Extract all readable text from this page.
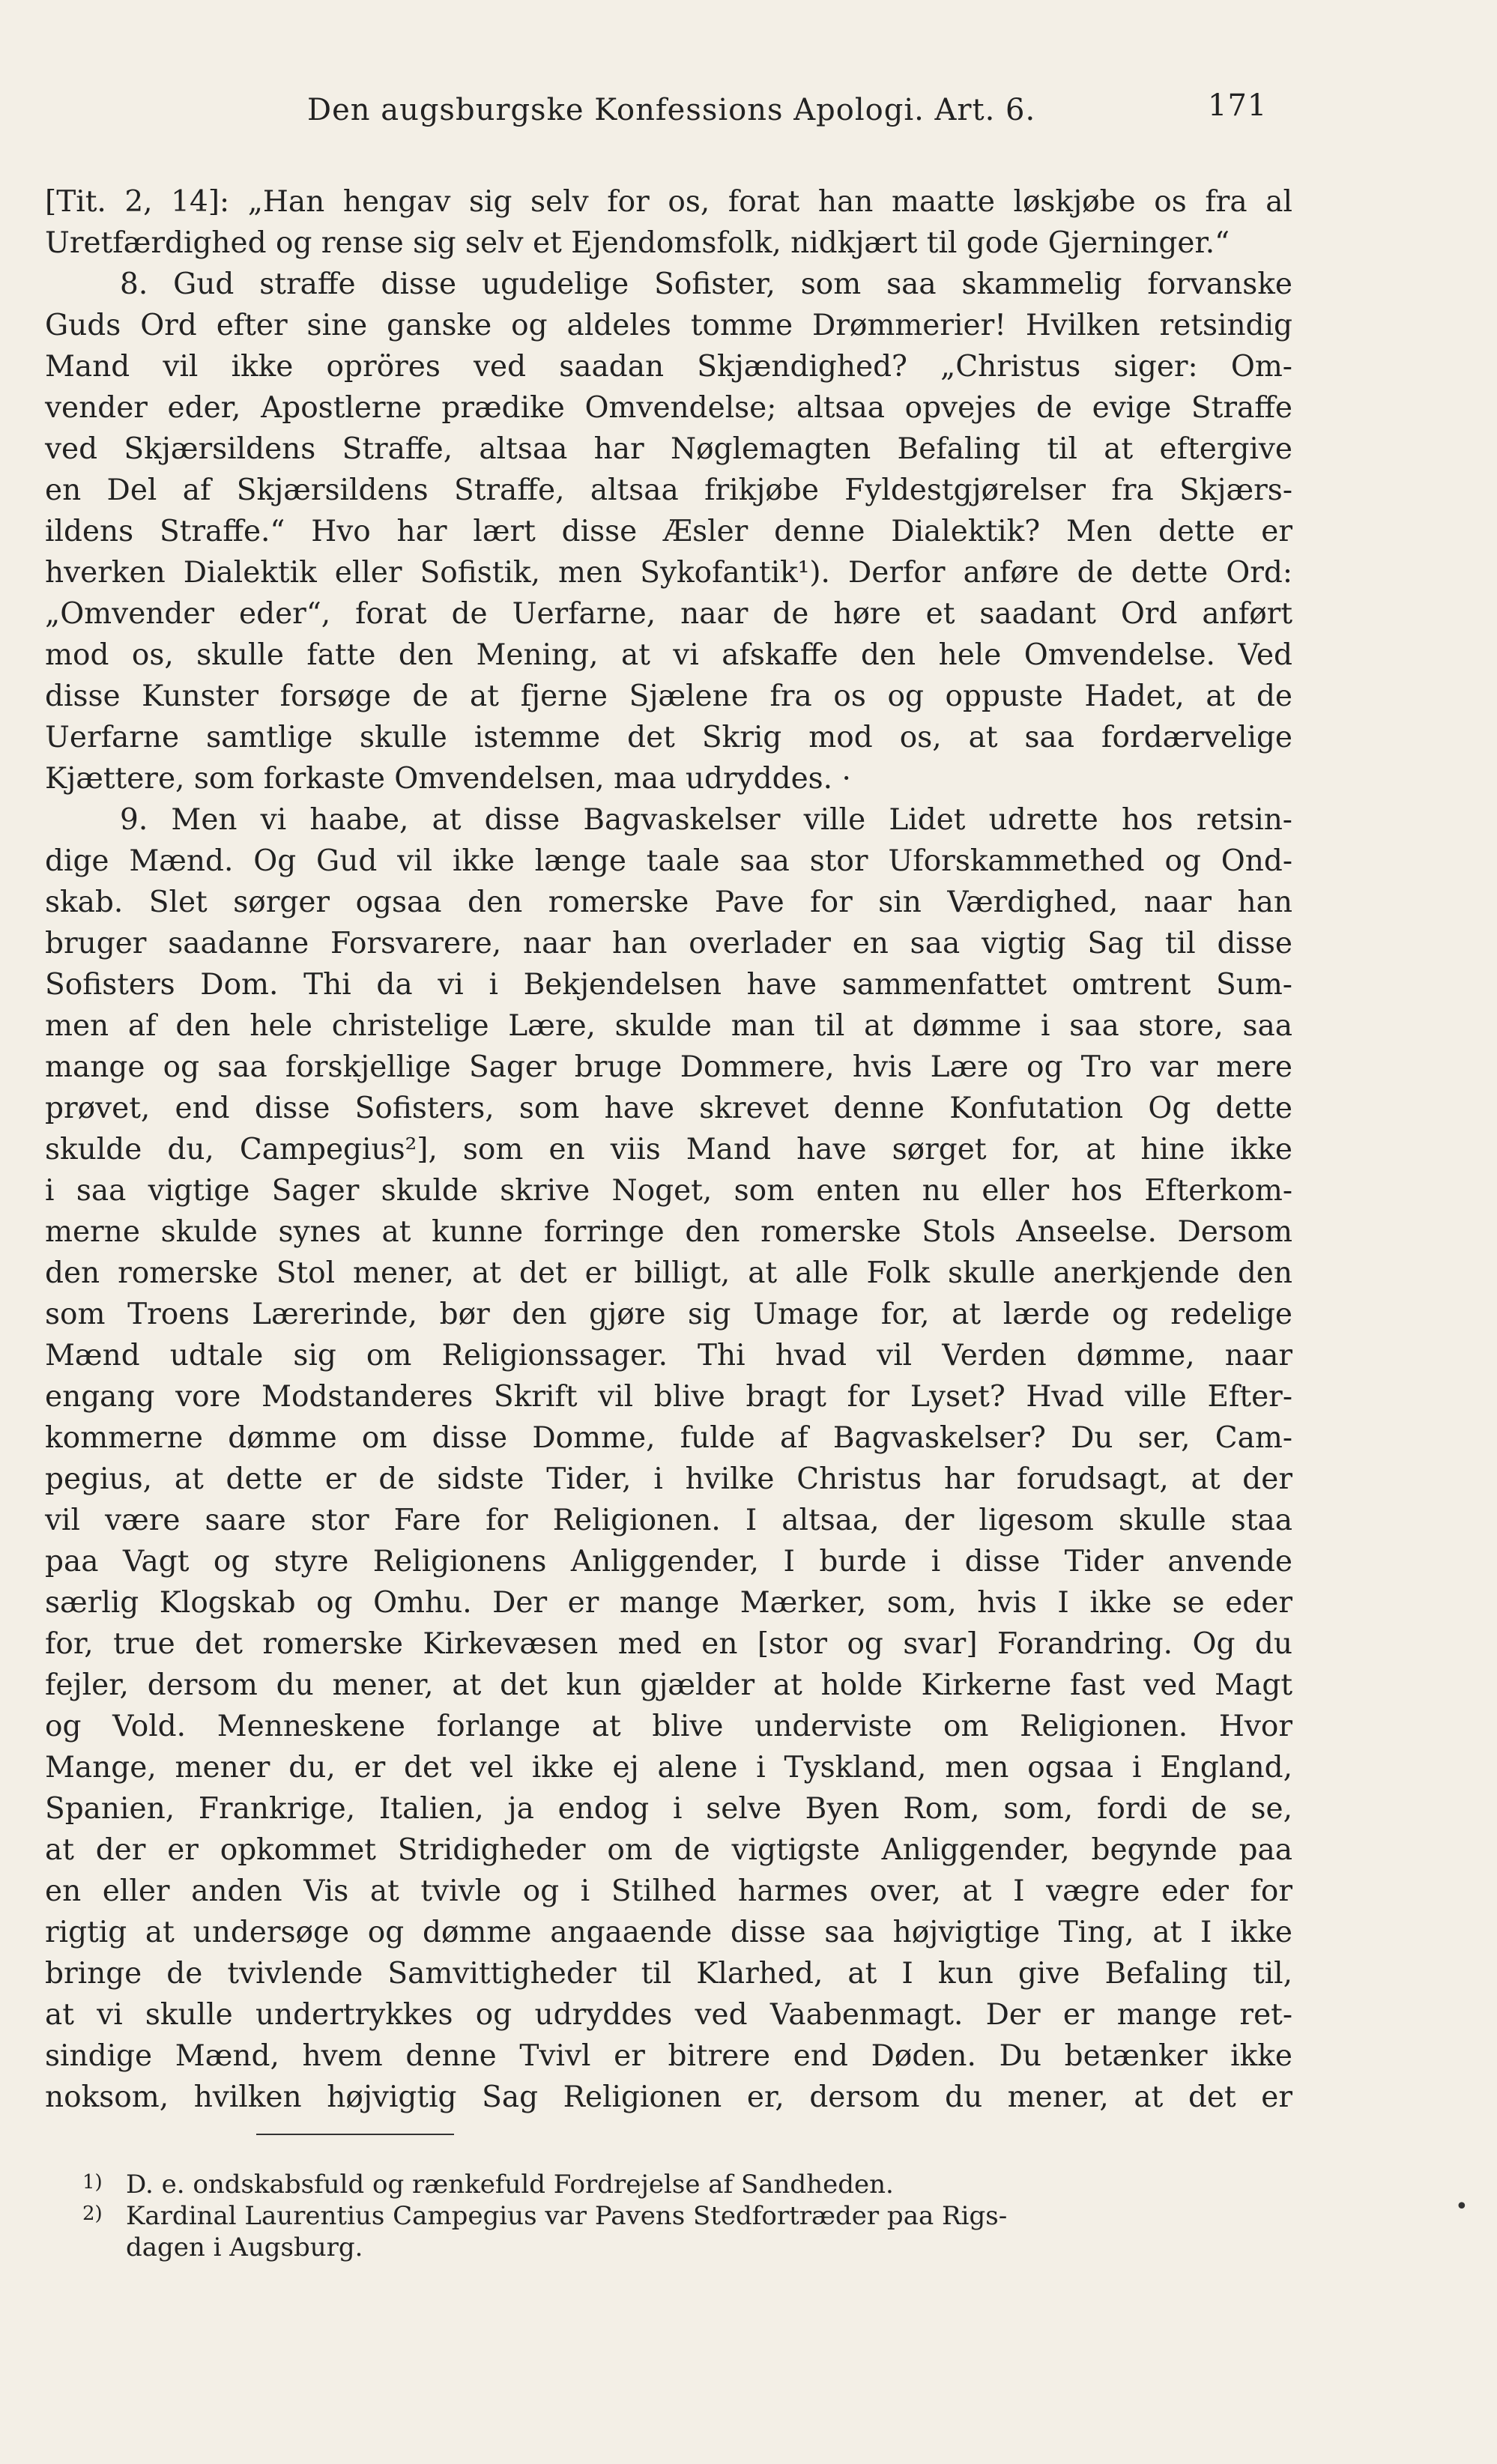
Den augsburgske Konfessions Apologi. Art. 6.	171
[Tit. 2, 14]: „Han hengav sig selv for os, forat han maatte løskjøbe os fra al
Uretfærdighed og rense sig selv et Ejendomsfolk, nidkjært til gode Gjerninger.“
8. Gud straffe disse ugudelige Sofister, som saa skammelig forvanske
Guds Ord efter sine ganske og aldeles tomme Drømmerier! Hvilken retsindig
Mand vil ikke opröres ved saadan Skjændighed? „Christus siger: Om-
vender eder, Apostlerne prædike Omvendelse; altsaa opvejes de evige Straffe
ved Skjærsildens Straffe, altsaa har Nøglemagten Befaling til at eftergive
en Del af Skjærsildens Straffe, altsaa frikjøbe Fyldestgjørelser fra Skjærs-
ildens Straffe.“ Hvo har lært disse Æsler denne Dialektik? Men dette er
hverken Dialektik eller Sofistik, men Sykofantik¹). Derfor anføre de dette Ord:
„Omvender eder“, forat de Uerfarne, naar de høre et saadant Ord anført
mod os, skulle fatte den Mening, at vi afskaffe den hele Omvendelse. Ved
disse Kunster forsøge de at fjerne Sjælene fra os og oppuste Hadet, at de
Uerfarne samtlige skulle istemme det Skrig mod os, at saa fordærvelige
Kjættere, som forkaste Omvendelsen, maa udryddes. ·
9. Men vi haabe, at disse Bagvaskelser ville Lidet udrette hos retsin-
dige Mænd. Og Gud vil ikke længe taale saa stor Uforskammethed og Ond-
skab. Slet sørger ogsaa den romerske Pave for sin Værdighed, naar han
bruger saadanne Forsvarere, naar han overlader en saa vigtig Sag til disse
Sofisters Dom. Thi da vi i Bekjendelsen have sammenfattet omtrent Sum-
men af den hele christelige Lære, skulde man til at dømme i saa store, saa
mange og saa forskjellige Sager bruge Dommere, hvis Lære og Tro var mere
prøvet, end disse Sofisters, som have skrevet denne Konfutation Og dette
skulde du, Campegius²], som en viis Mand have sørget for, at hine ikke
i saa vigtige Sager skulde skrive Noget, som enten nu eller hos Efterkom-
merne skulde synes at kunne forringe den romerske Stols Anseelse. Dersom
den romerske Stol mener, at det er billigt, at alle Folk skulle anerkjende den
som Troens Lærerinde, bør den gjøre sig Umage for, at lærde og redelige
Mænd udtale sig om Religionssager. Thi hvad vil Verden dømme, naar
engang vore Modstanderes Skrift vil blive bragt for Lyset? Hvad ville Efter-
kommerne dømme om disse Domme, fulde af Bagvaskelser? Du ser, Cam-
pegius, at dette er de sidste Tider, i hvilke Christus har forudsagt, at der
vil være saare stor Fare for Religionen. I altsaa, der ligesom skulle staa
paa Vagt og styre Religionens Anliggender, I burde i disse Tider anvende
særlig Klogskab og Omhu. Der er mange Mærker, som, hvis I ikke se eder
for, true det romerske Kirkevæsen med en [stor og svar] Forandring. Og du
fejler, dersom du mener, at det kun gjælder at holde Kirkerne fast ved Magt
og Vold. Menneskene forlange at blive underviste om Religionen. Hvor
Mange, mener du, er det vel ikke ej alene i Tyskland, men ogsaa i England,
Spanien, Frankrige, Italien, ja endog i selve Byen Rom, som, fordi de se,
at der er opkommet Stridigheder om de vigtigste Anliggender, begynde paa
en eller anden Vis at tvivle og i Stilhed harmes over, at I vægre eder for
rigtig at undersøge og dømme angaaende disse saa højvigtige Ting, at I ikke
bringe de tvivlende Samvittigheder til Klarhed, at I kun give Befaling til,
at vi skulle undertrykkes og udryddes ved Vaabenmagt. Der er mange ret-
sindige Mænd, hvem denne Tvivl er bitrere end Døden. Du betænker ikke
noksom, hvilken højvigtig Sag Religionen er, dersom du mener, at det er
1) D. e. ondskabsfuld og rænkefuld Fordrejelse af Sandheden.
2) Kardinal Laurentius Campegius var Pavens Stedfortræder paa Rigs-
dagen i Augsburg.
•
